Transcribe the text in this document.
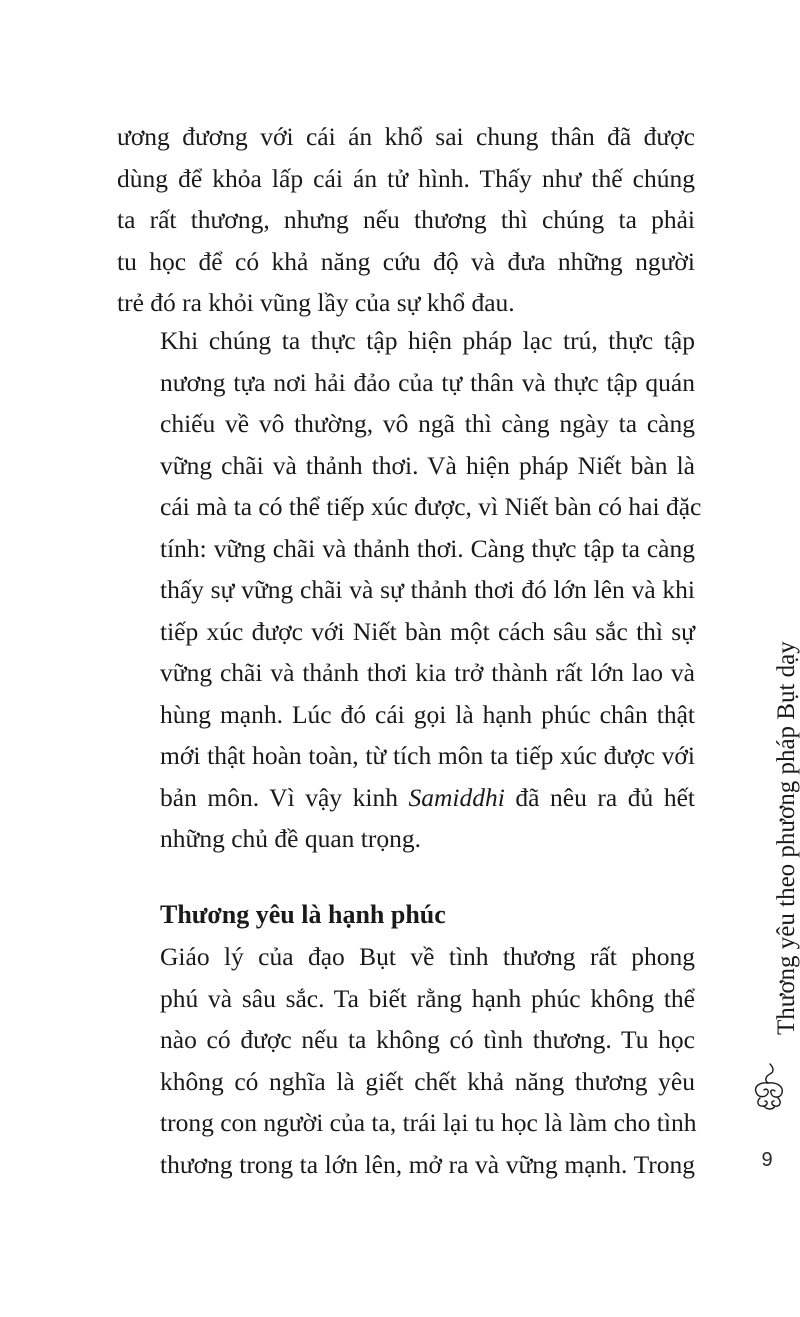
ương đương với cái án khổ sai chung thân đã được
dùng để khỏa lấp cái án tử hình. Thấy như thế chúng
ta rất thương, nhưng nếu thương thì chúng ta phải
tu học để có khả năng cứu độ và đưa những người
trẻ đó ra khỏi vũng lầy của sự khổ đau.
Khi chúng ta thực tập hiện pháp lạc trú, thực tập
nương tựa nơi hải đảo của tự thân và thực tập quán
chiếu về vô thường, vô ngã thì càng ngày ta càng
vững chãi và thảnh thơi. Và hiện pháp Niết bàn là
cái mà ta có thể tiếp xúc được, vì Niết bàn có hai đặc
tính: vững chãi và thảnh thơi. Càng thực tập ta càng
thấy sự vững chãi và sự thảnh thơi đó lớn lên và khi
tiếp xúc được với Niết bàn một cách sâu sắc thì sự
vững chãi và thảnh thơi kia trở thành rất lớn lao và
hùng mạnh. Lúc đó cái gọi là hạnh phúc chân thật
mới thật hoàn toàn, từ tích môn ta tiếp xúc được với
bản môn. Vì vậy kinh Samiddhi đã nêu ra đủ hết
những chủ đề quan trọng.
Thương yêu là hạnh phúc
Giáo lý của đạo Bụt về tình thương rất phong
phú và sâu sắc. Ta biết rằng hạnh phúc không thể
nào có được nếu ta không có tình thương. Tu học
không có nghĩa là giết chết khả năng thương yêu
trong con người của ta, trái lại tu học là làm cho tình
thương trong ta lớn lên, mở ra và vững mạnh. Trong
Thương yêu theo phương pháp Bụt dạy
9
